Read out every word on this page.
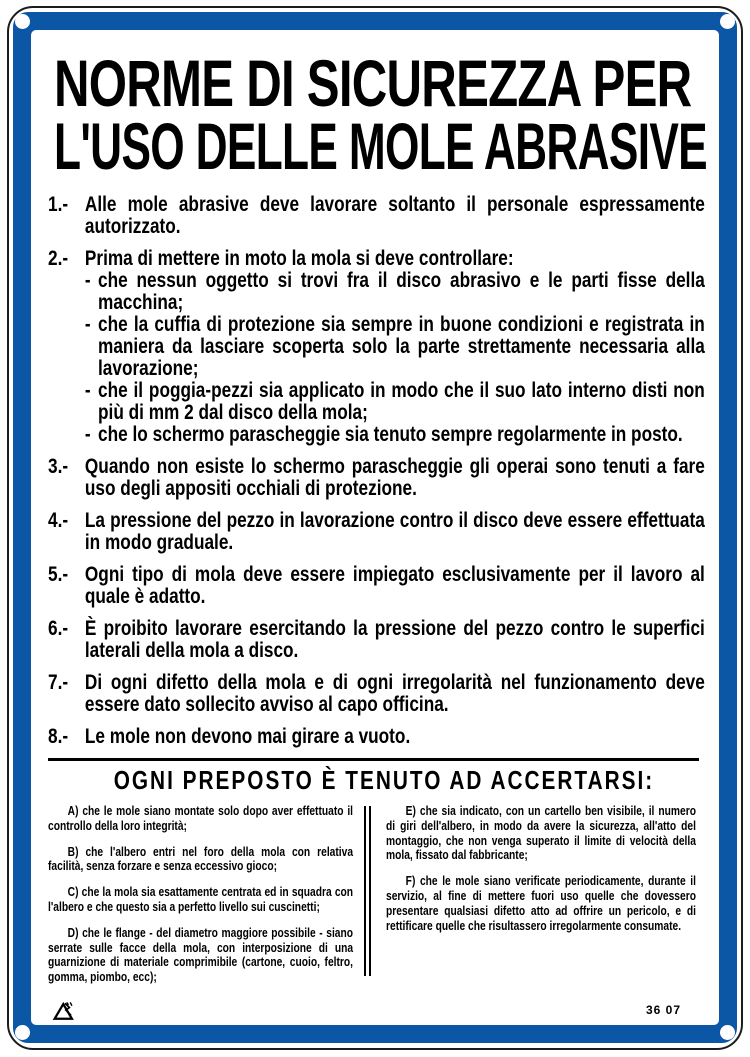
NORME DI SICUREZZA PER
L'USO DELLE MOLE ABRASIVE
1.- Alle mole abrasive deve lavorare soltanto il personale espressamente autorizzato.
2.- Prima di mettere in moto la mola si deve controllare:
- che nessun oggetto si trovi fra il disco abrasivo e le parti fisse della macchina;
- che la cuffia di protezione sia sempre in buone condizioni e registrata in maniera da lasciare scoperta solo la parte strettamente necessaria alla lavorazione;
- che il poggia-pezzi sia applicato in modo che il suo lato interno disti non più di mm 2 dal disco della mola;
- che lo schermo parascheggie sia tenuto sempre regolarmente in posto.
3.- Quando non esiste lo schermo parascheggie gli operai sono tenuti a fare uso degli appositi occhiali di protezione.
4.- La pressione del pezzo in lavorazione contro il disco deve essere effettuata in modo graduale.
5.- Ogni tipo di mola deve essere impiegato esclusivamente per il lavoro al quale è adatto.
6.- È proibito lavorare esercitando la pressione del pezzo contro le superfici laterali della mola a disco.
7.- Di ogni difetto della mola e di ogni irregolarità nel funzionamento deve essere dato sollecito avviso al capo officina.
8.- Le mole non devono mai girare a vuoto.
OGNI PREPOSTO È TENUTO AD ACCERTARSI:

A) che le mole siano montate solo dopo aver effettuato il controllo della loro integrità;

B) che l'albero entri nel foro della mola con relativa facilità, senza forzare e senza eccessivo gioco;

C) che la mola sia esattamente centrata ed in squadra con l'albero e che questo sia a perfetto livello sui cuscinetti;

D) che le flange - del diametro maggiore possibile - siano serrate sulle facce della mola, con interposizione di una guarnizione di materiale comprimibile (cartone, cuoio, feltro, gomma, piombo, ecc);

E) che sia indicato, con un cartello ben visibile, il numero di giri dell'albero, in modo da avere la sicurezza, all'atto del montaggio, che non venga superato il limite di velocità della mola, fissato dal fabbricante;

F) che le mole siano verificate periodicamente, durante il servizio, al fine di mettere fuori uso quelle che dovessero presentare qualsiasi difetto atto ad offrire un pericolo, e di rettificare quelle che risultassero irregolarmente consumate.

36 07
